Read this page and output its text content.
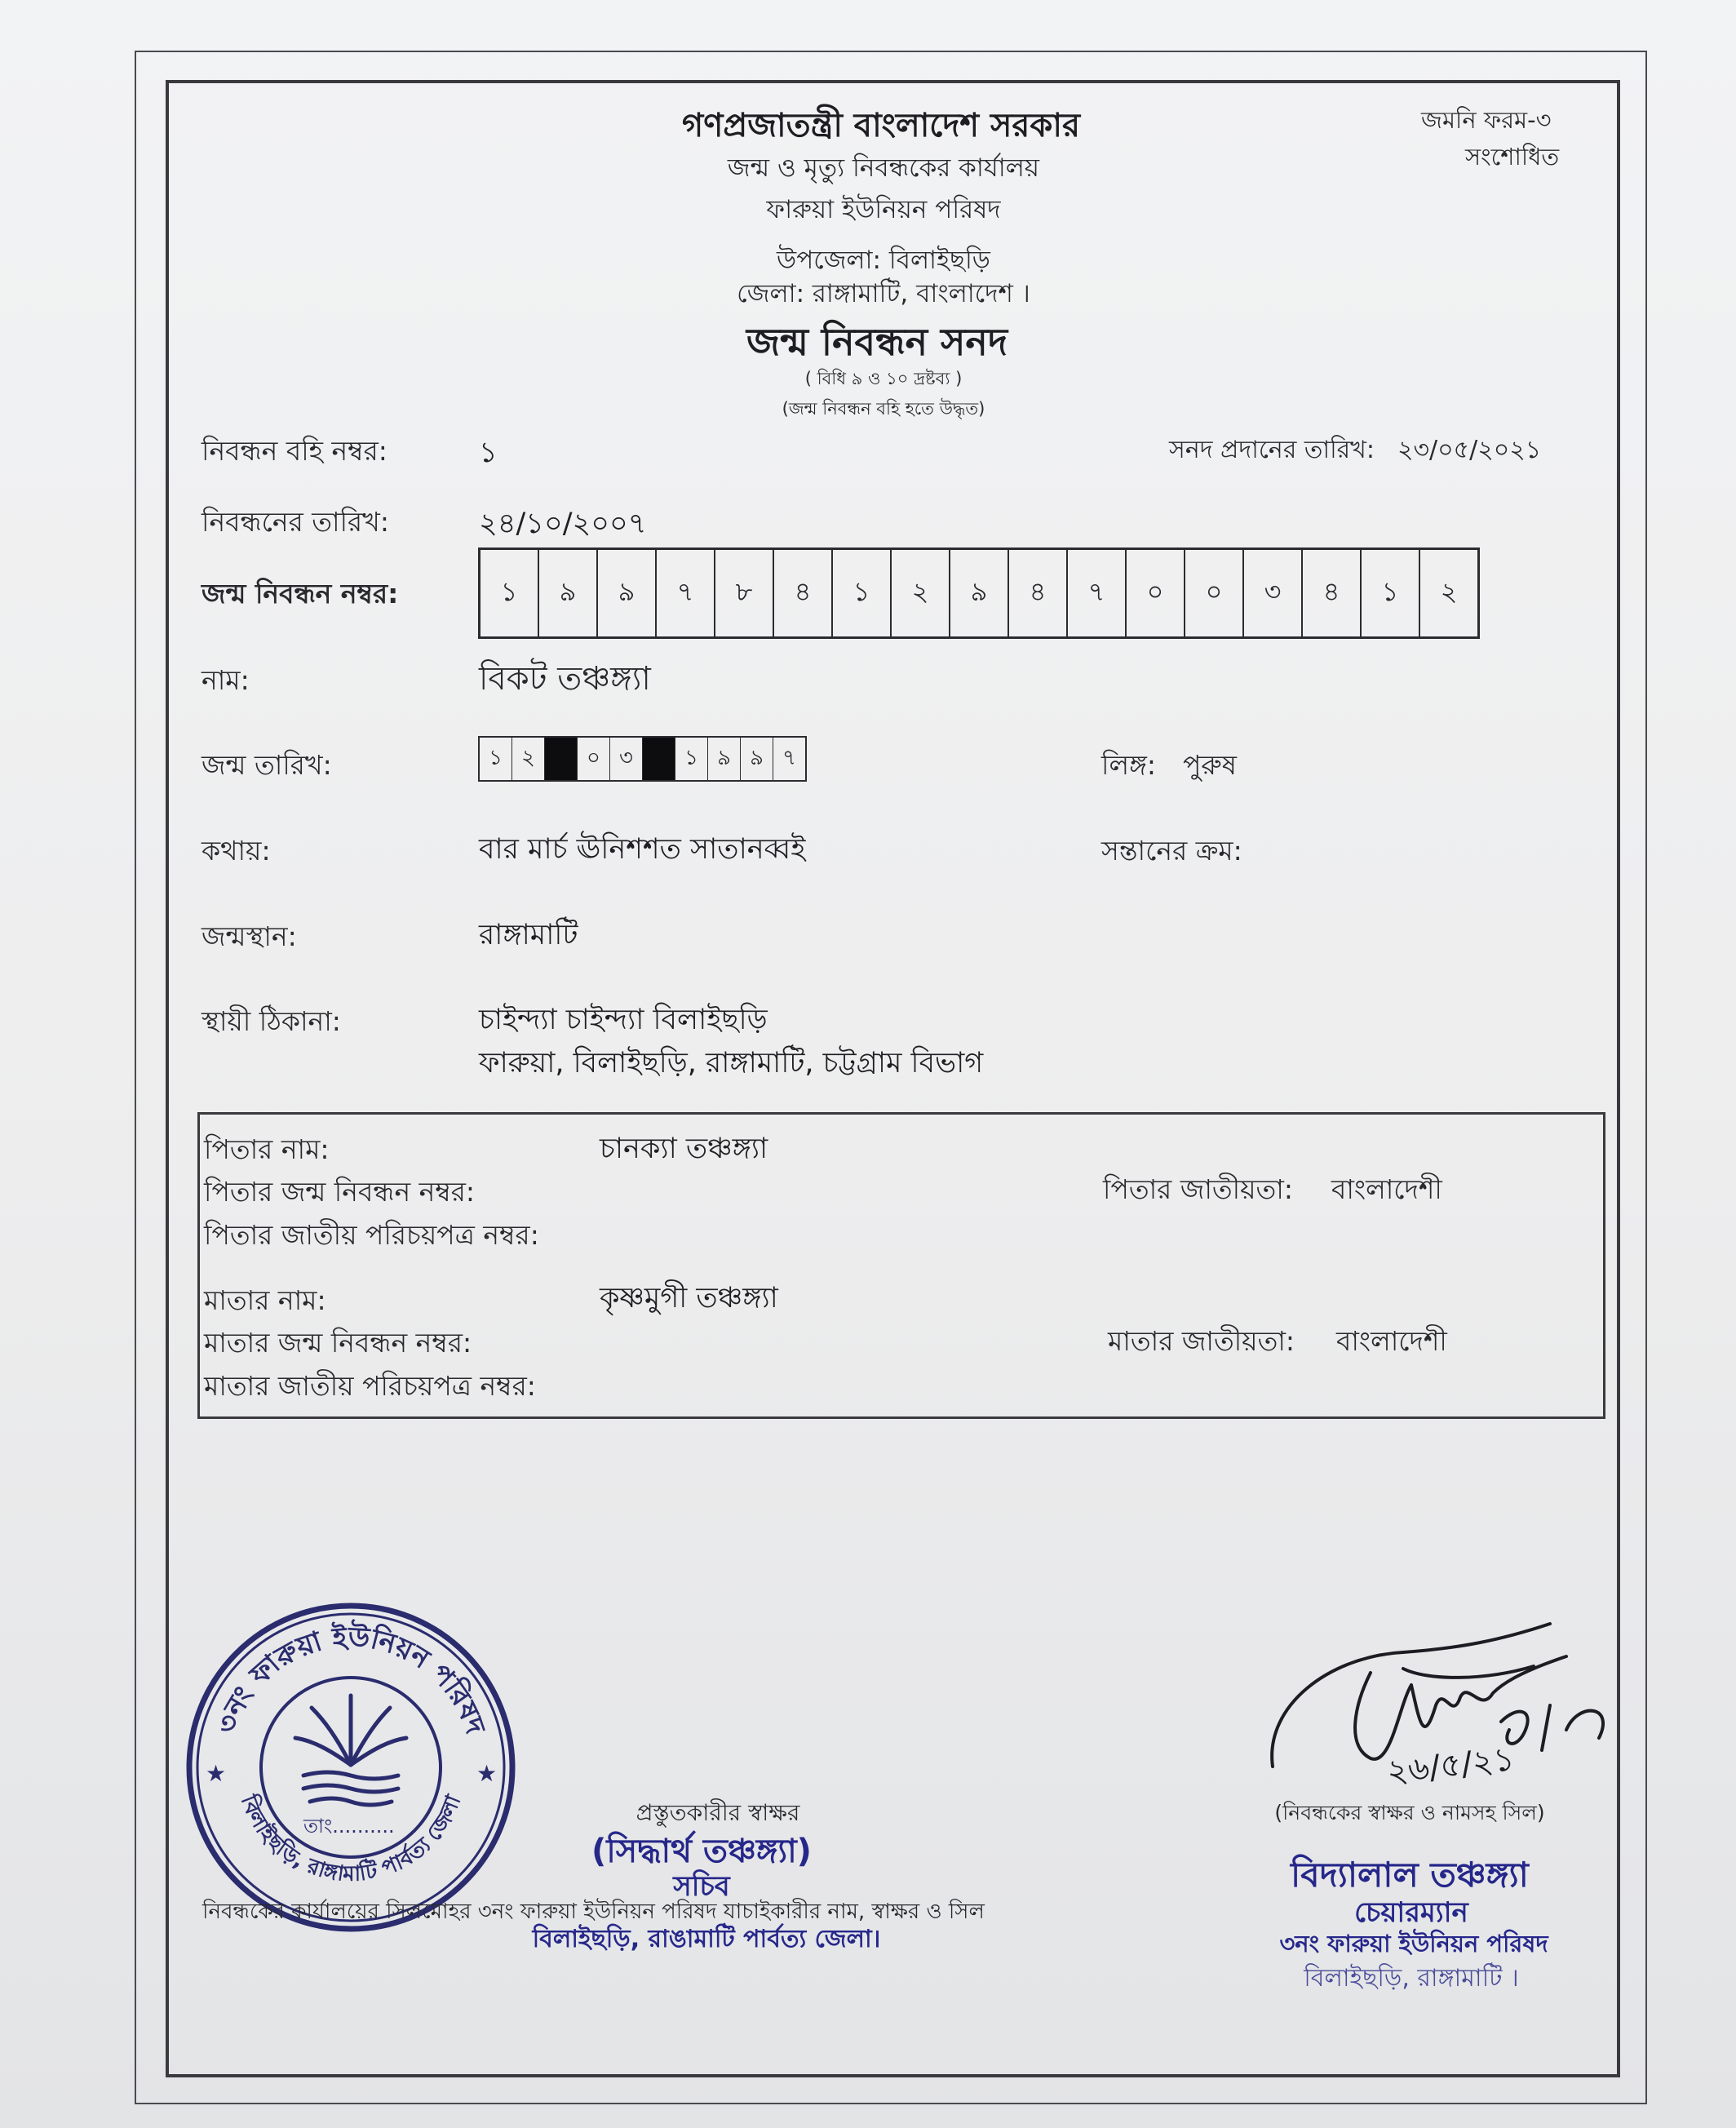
গণপ্রজাতন্ত্রী বাংলাদেশ সরকার
জন্ম ও মৃত্যু নিবন্ধকের কার্যালয়
ফারুয়া ইউনিয়ন পরিষদ
উপজেলা: বিলাইছড়ি
জেলা: রাঙ্গামাটি, বাংলাদেশ ।
জন্ম নিবন্ধন সনদ
( বিধি ৯ ও ১০ দ্রষ্টব্য )
(জন্ম নিবন্ধন বহি হতে উদ্ধৃত)
জমনি ফরম-৩
সংশোধিত
নিবন্ধন বহি নম্বর:	১	সনদ প্রদানের তারিখ: ২৩/০৫/২০২১
নিবন্ধনের তারিখ:	২৪/১০/২০০৭
জন্ম নিবন্ধন নম্বর:	১	৯	৯	৭	৮	৪	১	২	৯	৪	৭	০	০	৩	৪	১	২
নাম:	বিকট তঞ্চঙ্গ্যা
জন্ম তারিখ:	১ ২	০ ৩	১ ৯ ৯ ৭	লিঙ্গ: পুরুষ
কথায়:	বার মার্চ ঊনিশশত সাতানব্বই	সন্তানের ক্রম:
জন্মস্থান:	রাঙ্গামাটি
স্থায়ী ঠিকানা:	চাইন্দ্যা চাইন্দ্যা বিলাইছড়ি
ফারুয়া, বিলাইছড়ি, রাঙ্গামাটি, চট্টগ্রাম বিভাগ
পিতার নাম:	চানক্যা তঞ্চঙ্গ্যা
পিতার জন্ম নিবন্ধন নম্বর:	পিতার জাতীয়তা: বাংলাদেশী
পিতার জাতীয় পরিচয়পত্র নম্বর:
মাতার নাম:	কৃষ্ণমুগী তঞ্চঙ্গ্যা
মাতার জন্ম নিবন্ধন নম্বর:	মাতার জাতীয়তা: বাংলাদেশী
মাতার জাতীয় পরিচয়পত্র নম্বর:
৩নং ফারুয়া ইউনিয়ন পরিষদ
বিলাইছড়ি, রাঙ্গামাটি পার্বত্য জেলা
তাং..........
★	★
প্রস্তুতকারীর স্বাক্ষর
(সিদ্ধার্থ তঞ্চঙ্গ্যা)
সচিব
নিবন্ধকের কার্যালয়ের সিলমোহর ৩নং ফারুয়া ইউনিয়ন পরিষদ যাচাইকারীর নাম, স্বাক্ষর ও সিল
বিলাইছড়ি, রাঙামাটি পার্বত্য জেলা।
২৬/৫/২১
(নিবন্ধকের স্বাক্ষর ও নামসহ সিল)
বিদ্যালাল তঞ্চঙ্গ্যা
চেয়ারম্যান
৩নং ফারুয়া ইউনিয়ন পরিষদ
বিলাইছড়ি, রাঙ্গামাটি ।
